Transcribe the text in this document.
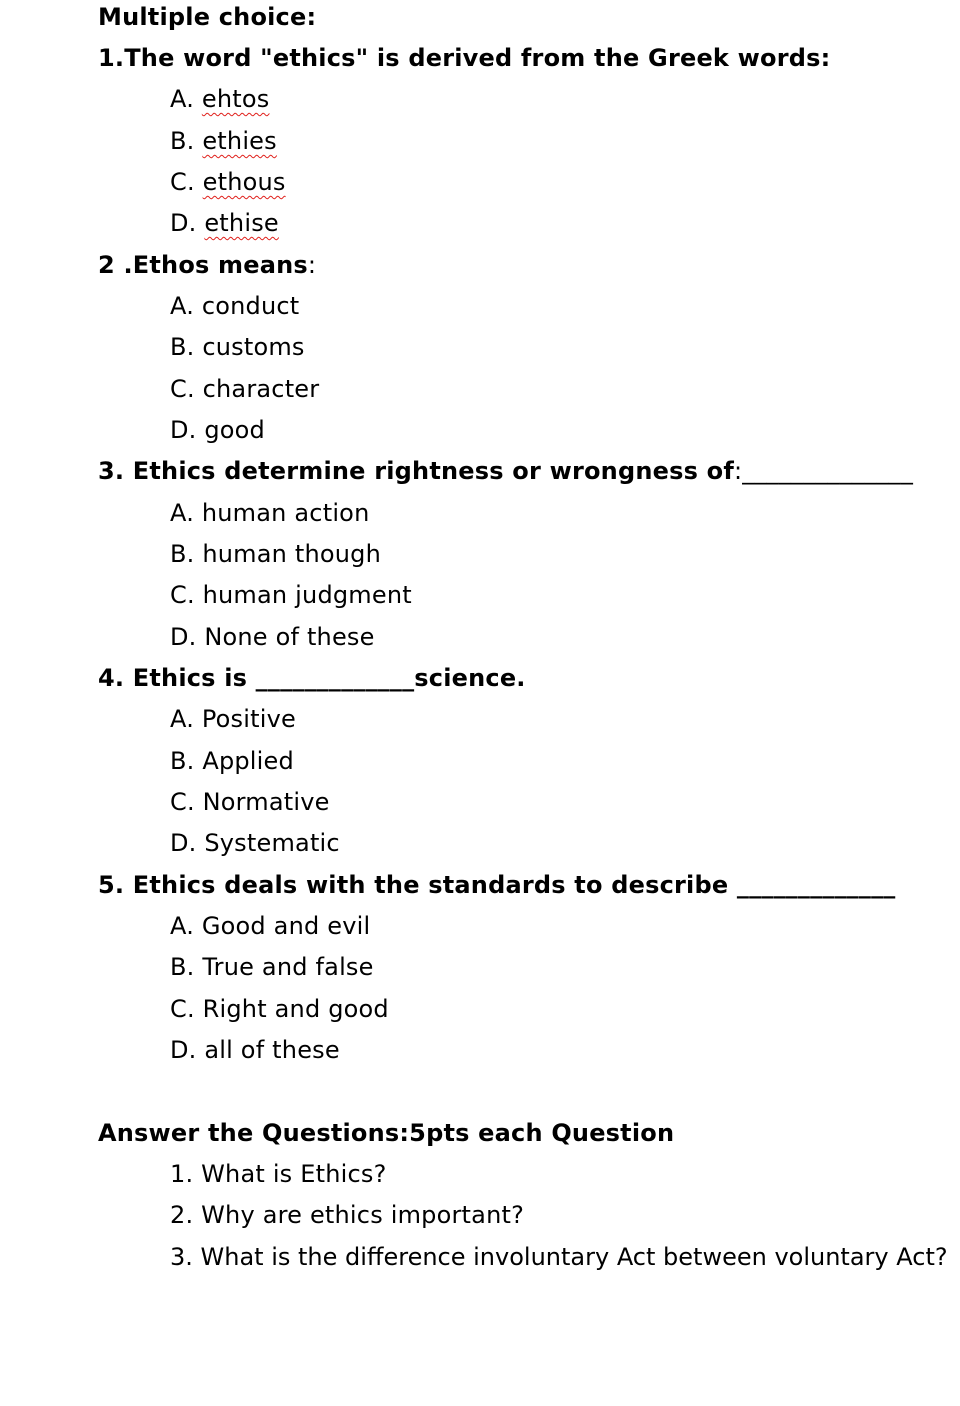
Multiple choice:
1.The word "ethics" is derived from the Greek words:
A. ehtos
B. ethies
C. ethous
D. ethise
2 .Ethos means:
A. conduct
B. customs
C. character
D. good
3. Ethics determine rightness or wrongness of:______________
A. human action
B. human though
C. human judgment
D. None of these
4. Ethics is _____________science.
A. Positive
B. Applied
C. Normative
D. Systematic
5. Ethics deals with the standards to describe _____________
A. Good and evil
B. True and false
C. Right and good
D. all of these
Answer the Questions:5pts each Question
1. What is Ethics?
2. Why are ethics important?
3. What is the difference involuntary Act between voluntary Act?
